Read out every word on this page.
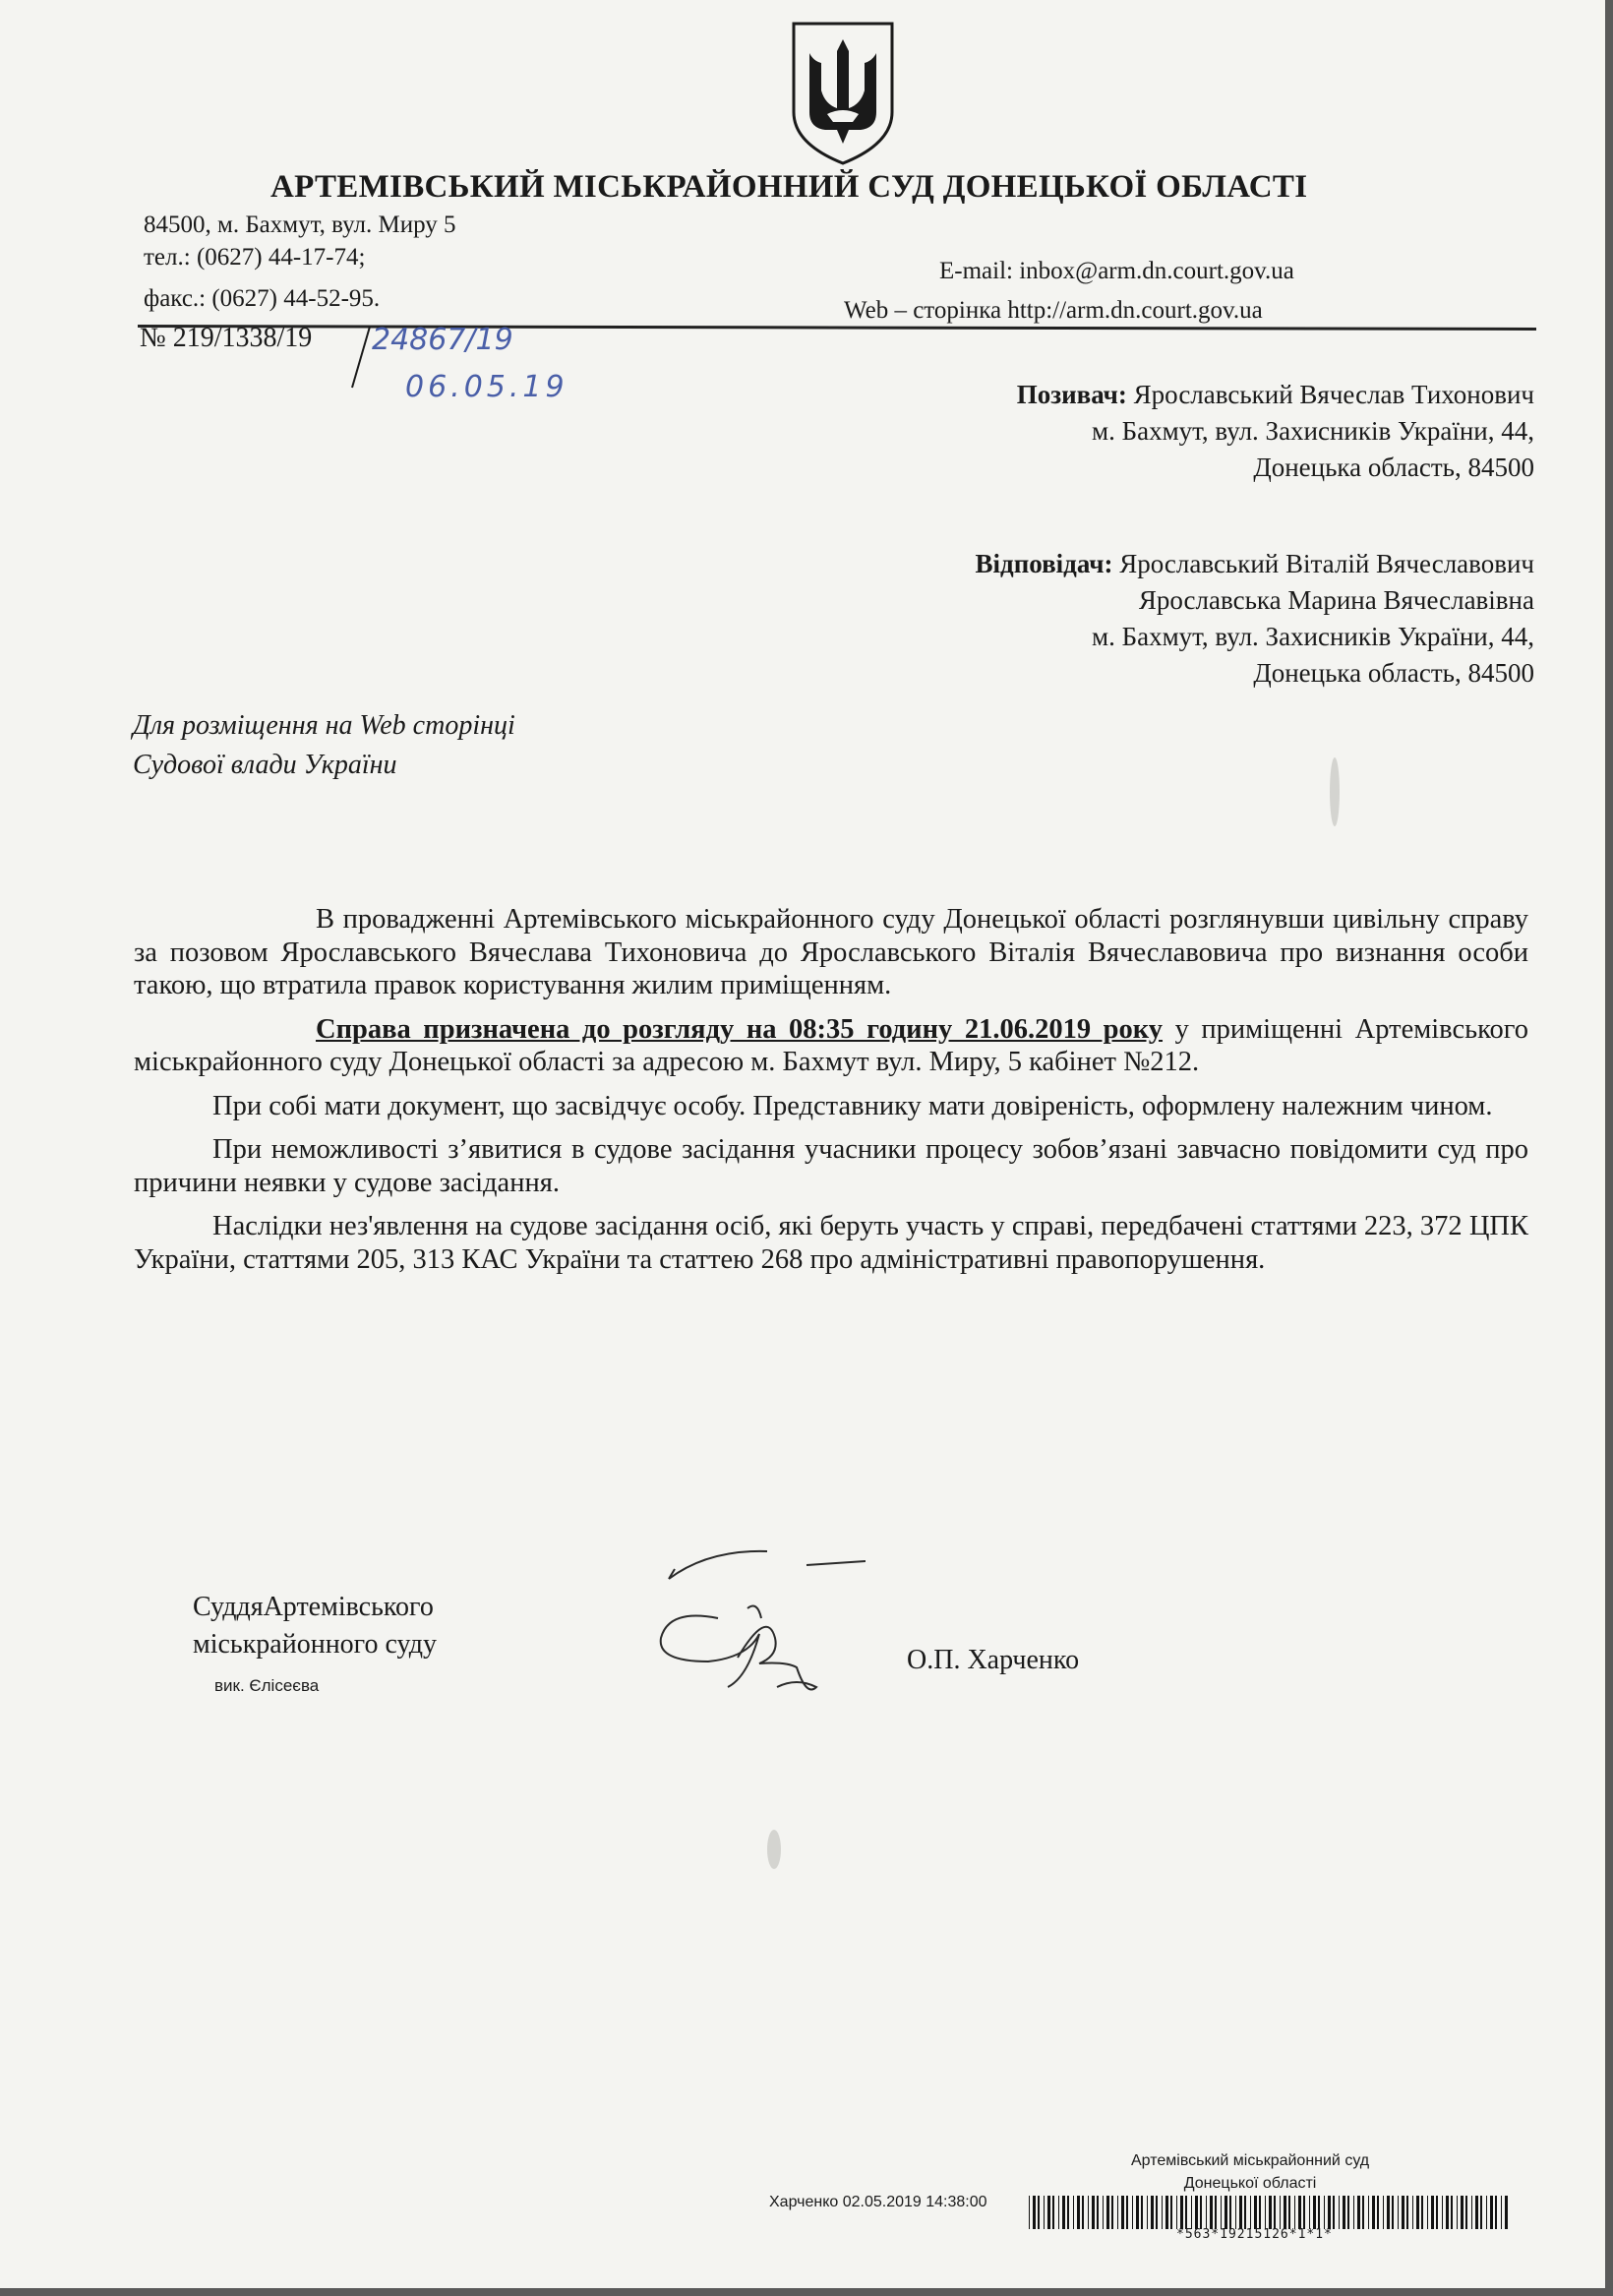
АРТЕМІВСЬКИЙ МІСЬКРАЙОННИЙ СУД ДОНЕЦЬКОЇ ОБЛАСТІ
84500, м. Бахмут, вул. Миру 5
тел.: (0627) 44-17-74;
факс.: (0627) 44-52-95.
E-mail: inbox@arm.dn.court.gov.ua
Web – сторінка http://arm.dn.court.gov.ua
№ 219/1338/19 24867/19
06.05.19	Позивач: Ярославський Вячеслав Тихонович
м. Бахмут, вул. Захисників України, 44,
Донецька область, 84500
Відповідач: Ярославський Віталій Вячеславович
Ярославська Марина Вячеславівна
м. Бахмут, вул. Захисників України, 44,
Донецька область, 84500
Для розміщення на Web сторінці
Судової влади України

В провадженні Артемівського міськрайонного суду Донецької області розглянувши цивільну справу за позовом Ярославського Вячеслава Тихоновича до Ярославського Віталія Вячеславовича про визнання особи такою, що втратила правок користування жилим приміщенням.

Справа призначена до розгляду на 08:35 годину 21.06.2019 року у приміщенні Артемівського міськрайонного суду Донецької області за адресою м. Бахмут вул. Миру, 5 кабінет №212.

При собі мати документ, що засвідчує особу. Представнику мати довіреність, оформлену належним чином.

При неможливості з’явитися в судове засідання учасники процесу зобов’язані завчасно повідомити суд про причини неявки у судове засідання.

Наслідки нез'явлення на судове засідання осіб, які беруть участь у справі, передбачені статтями 223, 372 ЦПК України, статтями 205, 313 КАС України та статтею 268 про адміністративні правопорушення.

СуддяАртемівського
міськрайонного суду
вик. Єлісеєва
О.П. Харченко
Артемівський міськрайонний суд
Донецької області
Харченко 02.05.2019 14:38:00
*563*19215126*1*1*
